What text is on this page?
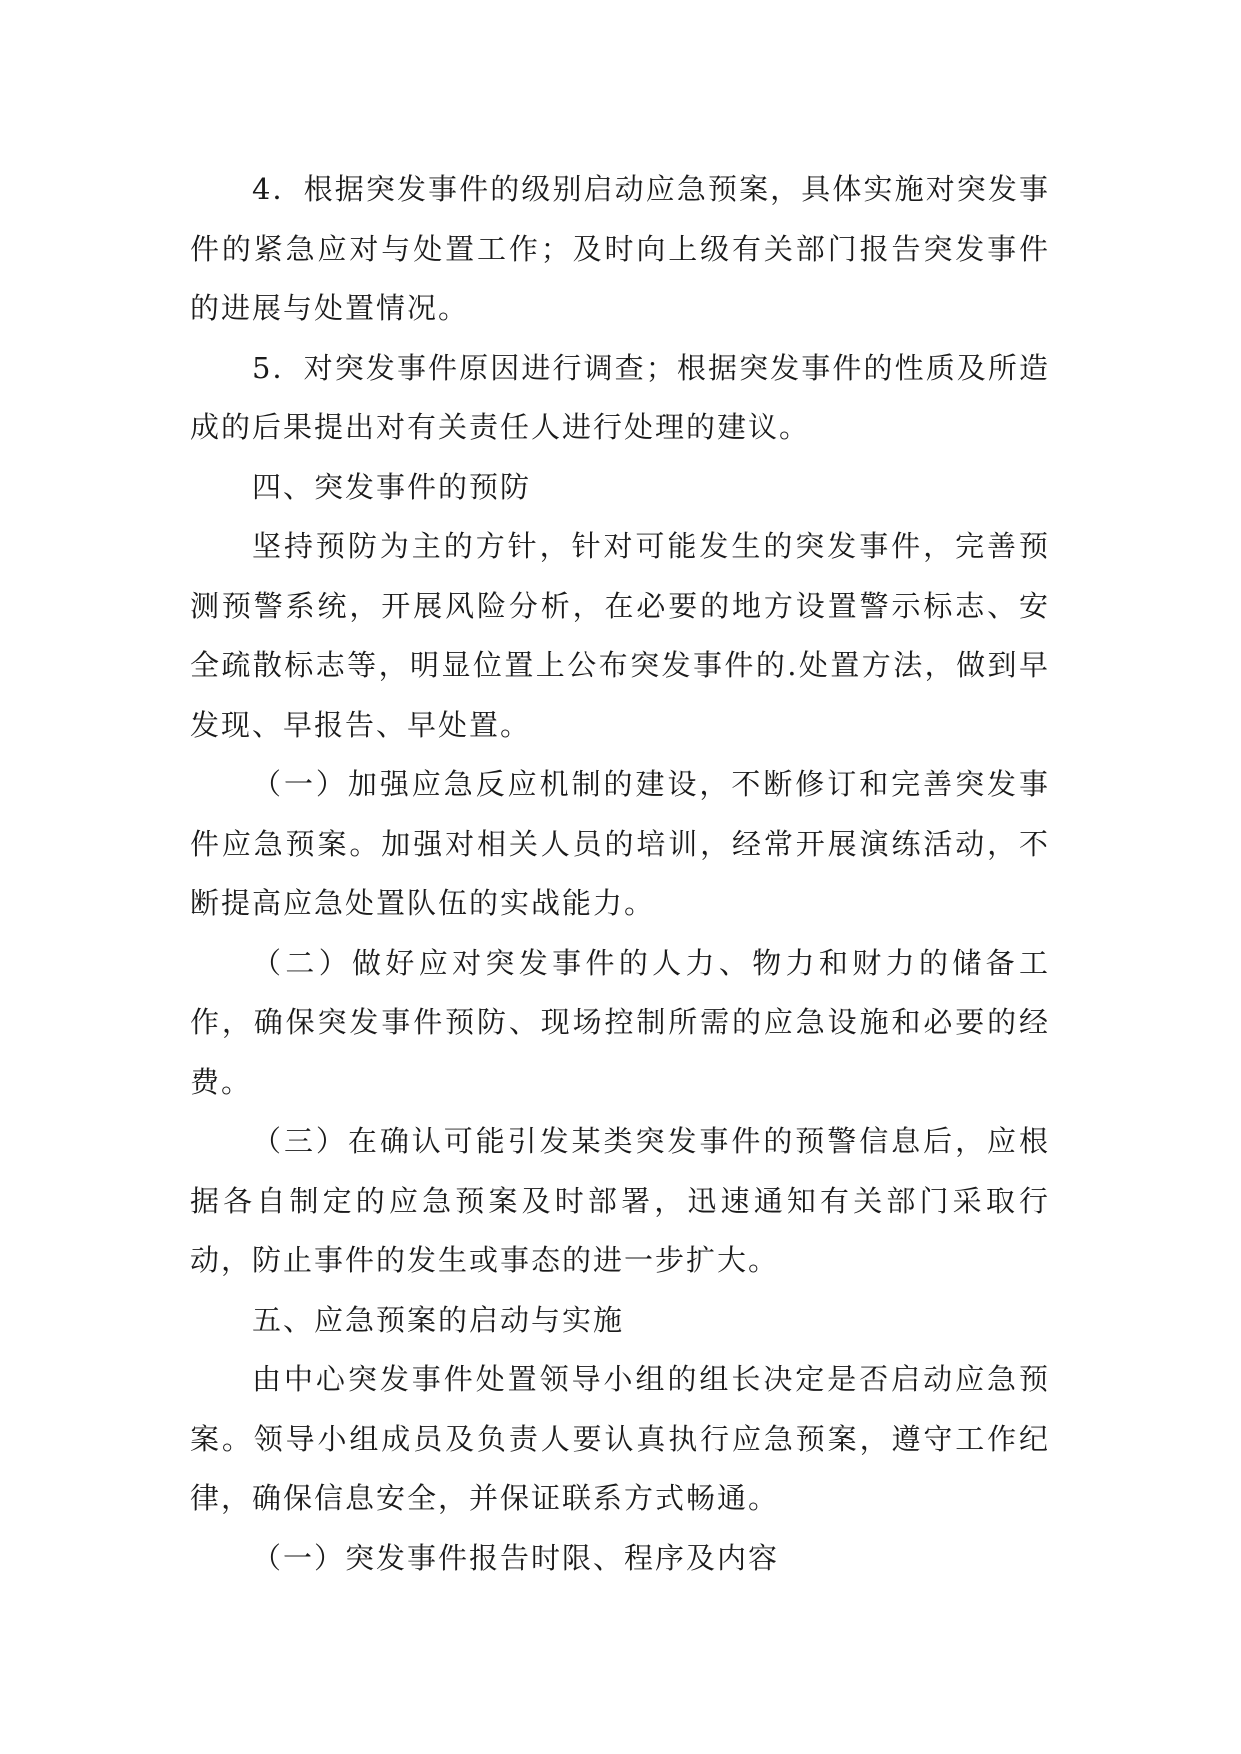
4．根据突发事件的级别启动应急预案，具体实施对突发事件的紧急应对与处置工作；及时向上级有关部门报告突发事件的进展与处置情况。

5．对突发事件原因进行调查；根据突发事件的性质及所造成的后果提出对有关责任人进行处理的建议。

四、突发事件的预防

坚持预防为主的方针，针对可能发生的突发事件，完善预测预警系统，开展风险分析，在必要的地方设置警示标志、安全疏散标志等，明显位置上公布突发事件的.处置方法，做到早发现、早报告、早处置。

（一）加强应急反应机制的建设，不断修订和完善突发事件应急预案。加强对相关人员的培训，经常开展演练活动，不断提高应急处置队伍的实战能力。

（二）做好应对突发事件的人力、物力和财力的储备工作，确保突发事件预防、现场控制所需的应急设施和必要的经费。

（三）在确认可能引发某类突发事件的预警信息后，应根据各自制定的应急预案及时部署，迅速通知有关部门采取行动，防止事件的发生或事态的进一步扩大。

五、应急预案的启动与实施

由中心突发事件处置领导小组的组长决定是否启动应急预案。领导小组成员及负责人要认真执行应急预案，遵守工作纪律，确保信息安全，并保证联系方式畅通。

（一）突发事件报告时限、程序及内容
